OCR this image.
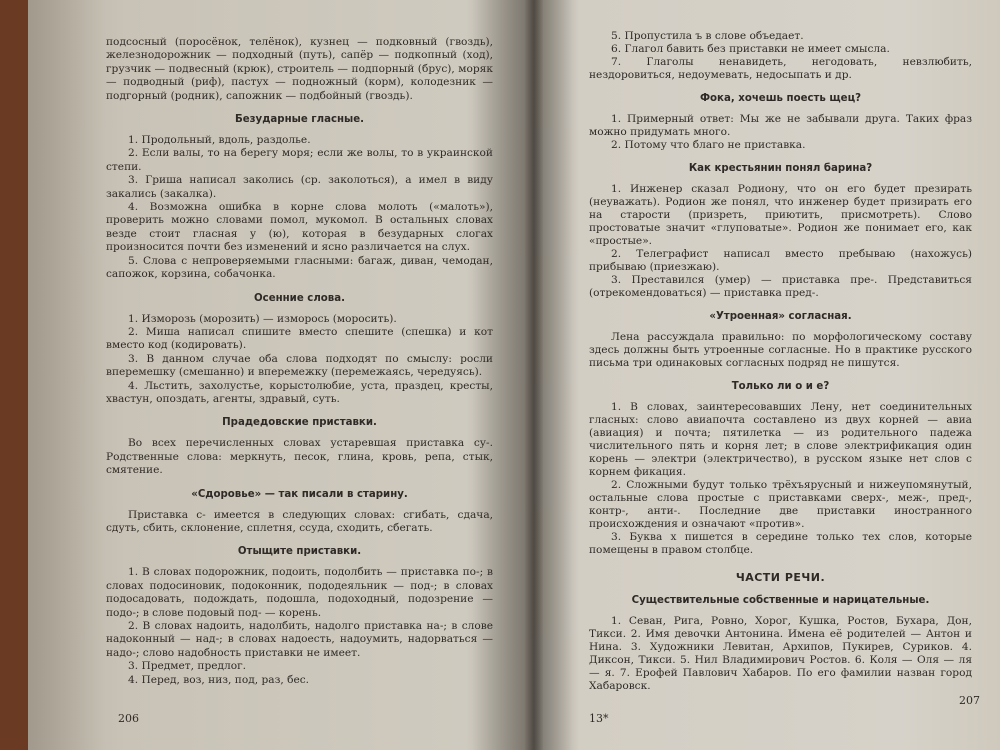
подсосный (поросёнок, телёнок), кузнец — подковный (гвоздь), железнодорожник — подходный (путь), сапёр — подкопный (ход), грузчик — подвесный (крюк), строитель — подпорный (брус), моряк — подводный (риф), пастух — подножный (корм), колодезник — подгорный (родник), сапожник — подбойный (гвоздь).

Безударные гласные.

1. Продольный, вдоль, раздолье.

2. Если валы, то на берегу моря; если же волы, то в украинской степи.

3. Гриша написал заколись (ср. заколоться), а имел в виду закались (закалка).

4. Возможна ошибка в корне слова молоть («малоть»), проверить можно словами помол, мукомол. В остальных словах везде стоит гласная у (ю), которая в безударных слогах произносится почти без изменений и ясно различается на слух.

5. Слова с непроверяемыми гласными: багаж, диван, чемодан, сапожок, корзина, собачонка.

Осенние слова.

1. Изморозь (морозить) — изморось (моросить).

2. Миша написал спишите вместо спешите (спешка) и кот вместо код (кодировать).

3. В данном случае оба слова подходят по смыслу: росли вперемешку (смешанно) и вперемежку (перемежаясь, чередуясь).

4. Льстить, захолустье, корыстолюбие, уста, праздец, кресты, хвастун, опоздать, агенты, здравый, суть.

Прадедовские приставки.

Во всех перечисленных словах устаревшая приставка су-. Родственные слова: меркнуть, песок, глина, кровь, репа, стык, смятение.

«Сдоровье» — так писали в старину.

Приставка с- имеется в следующих словах: сгибать, сдача, сдуть, сбить, склонение, сплетня, ссуда, сходить, сбегать.

Отыщите приставки.

1. В словах подорожник, подоить, подолбить — приставка по-; в словах подосиновик, подоконник, пододеяльник — под-; в словах подосадовать, подождать, подошла, подоходный, подозрение — подо-; в слове подовый под- — корень.

2. В словах надоить, надолбить, надолго приставка на-; в слове надоконный — над-; в словах надоесть, надоумить, надорваться — надо-; слово надобность приставки не имеет.

3. Предмет, предлог.

4. Перед, воз, низ, под, раз, бес.

206

5. Пропустила ъ в слове объедает.

6. Глагол бавить без приставки не имеет смысла.

7. Глаголы ненавидеть, негодовать, невзлюбить, нездоровиться, недоумевать, недосыпать и др.

Фока, хочешь поесть щец?

1. Примерный ответ: Мы же не забывали друга. Таких фраз можно придумать много.

2. Потому что благо не приставка.

Как крестьянин понял барина?

1. Инженер сказал Родиону, что он его будет презирать (неуважать). Родион же понял, что инженер будет призирать его на старости (призреть, приютить, присмотреть). Слово простоватые значит «глуповатые». Родион же понимает его, как «простые».

2. Телеграфист написал вместо пребываю (нахожусь) прибываю (приезжаю).

3. Преставился (умер) — приставка пре-. Представиться (отрекомендоваться) — приставка пред-.

«Утроенная» согласная.

Лена рассуждала правильно: по морфологическому составу здесь должны быть утроенные согласные. Но в практике русского письма три одинаковых согласных подряд не пишутся.

Только ли о и е?

1. В словах, заинтересовавших Лену, нет соединительных гласных: слово авиапочта составлено из двух корней — авиа (авиация) и почта; пятилетка — из родительного падежа числительного пять и корня лет; в слове электрификация один корень — электри (электричество), в русском языке нет слов с корнем фикация.

2. Сложными будут только трёхъярусный и нижеупомянутый, остальные слова простые с приставками сверх-, меж-, пред-, контр-, анти-. Последние две приставки иностранного происхождения и означают «против».

3. Буква х пишется в середине только тех слов, которые помещены в правом столбце.

ЧАСТИ РЕЧИ.
Существительные собственные и нарицательные.

1. Севан, Рига, Ровно, Хорог, Кушка, Ростов, Бухара, Дон, Тикси. 2. Имя девочки Антонина. Имена её родителей — Антон и Нина. 3. Художники Левитан, Архипов, Пукирев, Суриков. 4. Диксон, Тикси. 5. Нил Владимирович Ростов. 6. Коля — Оля — ля — я. 7. Ерофей Павлович Хабаров. По его фамилии назван город Хабаровск.

13*
207
